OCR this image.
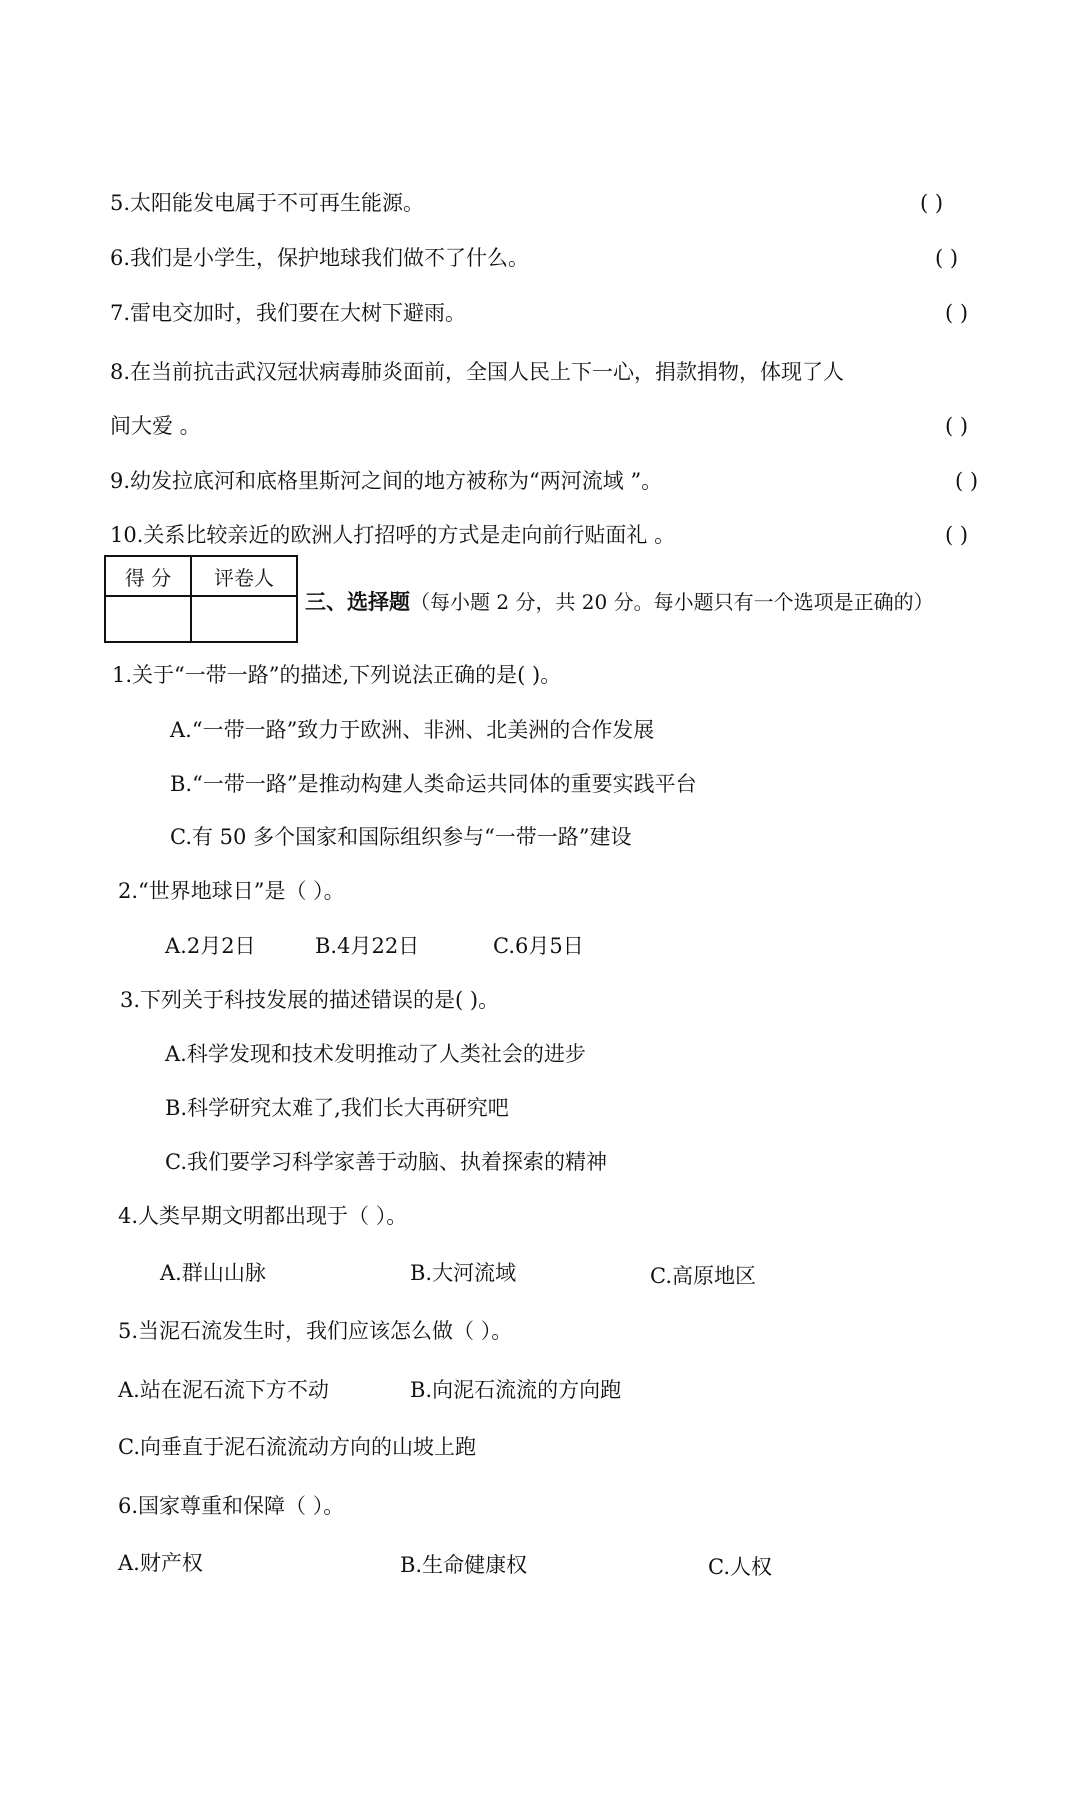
5.太阳能发电属于不可再生能源。	( )
6.我们是小学生，保护地球我们做不了什么。	( )
7.雷电交加时，我们要在大树下避雨。	( )
8.在当前抗击武汉冠状病毒肺炎面前，全国人民上下一心，捐款捐物，体现了人
间大爱 。	( )
9.幼发拉底河和底格里斯河之间的地方被称为“两河流域 ”。	( )
10.关系比较亲近的欧洲人打招呼的方式是走向前行贴面礼 。	( )
得 分	评卷人

三、选择题（每小题 2 分，共 20 分。每小题只有一个选项是正确的）
1.关于“一带一路”的描述,下列说法正确的是( )。
A.“一带一路”致力于欧洲、非洲、北美洲的合作发展
B.“一带一路”是推动构建人类命运共同体的重要实践平台
C.有 50 多个国家和国际组织参与“一带一路”建设
2.“世界地球日”是（ ）。
A.2月2日	B.4月22日	C.6月5日
3.下列关于科技发展的描述错误的是( )。
A.科学发现和技术发明推动了人类社会的进步
B.科学研究太难了,我们长大再研究吧
C.我们要学习科学家善于动脑、执着探索的精神
4.人类早期文明都出现于（ ）。
A.群山山脉	B.大河流域	C.高原地区
5.当泥石流发生时，我们应该怎么做（ ）。
A.站在泥石流下方不动	B.向泥石流流的方向跑
C.向垂直于泥石流流动方向的山坡上跑
6.国家尊重和保障（ ）。
A.财产权	B.生命健康权	C.人权
